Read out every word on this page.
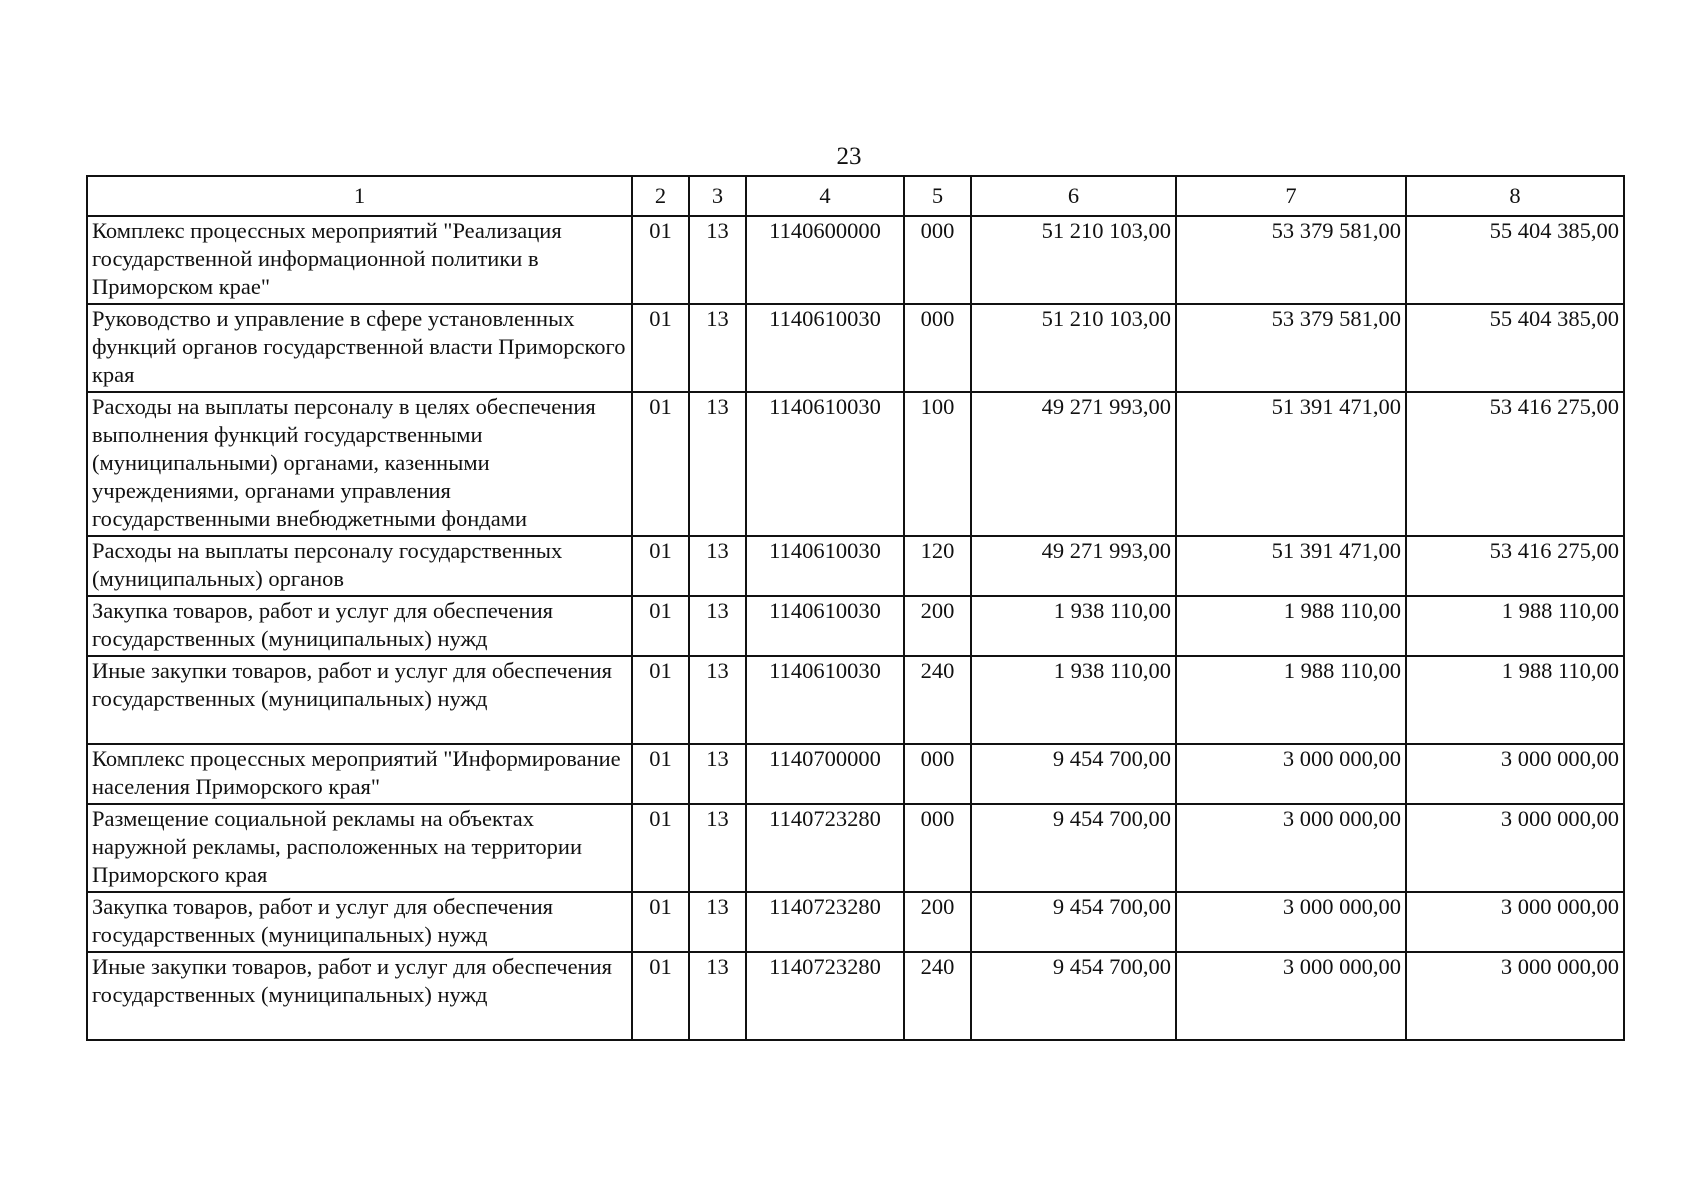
23
1	2	3	4	5	6	7	8
Комплекс процессных мероприятий "Реализация государственной информационной политики в Приморском крае"	01	13	1140600000	000	51 210 103,00	53 379 581,00	55 404 385,00
Руководство и управление в сфере установленных функций органов государственной власти Приморского края	01	13	1140610030	000	51 210 103,00	53 379 581,00	55 404 385,00
Расходы на выплаты персоналу в целях обеспечения выполнения функций государственными (муниципальными) органами, казенными учреждениями, органами управления государственными внебюджетными фондами	01	13	1140610030	100	49 271 993,00	51 391 471,00	53 416 275,00
Расходы на выплаты персоналу государственных (муниципальных) органов	01	13	1140610030	120	49 271 993,00	51 391 471,00	53 416 275,00
Закупка товаров, работ и услуг для обеспечения государственных (муниципальных) нужд	01	13	1140610030	200	1 938 110,00	1 988 110,00	1 988 110,00
Иные закупки товаров, работ и услуг для обеспечения государственных (муниципальных) нужд	01	13	1140610030	240	1 938 110,00	1 988 110,00	1 988 110,00
Комплекс процессных мероприятий "Информирование населения Приморского края"	01	13	1140700000	000	9 454 700,00	3 000 000,00	3 000 000,00
Размещение социальной рекламы на объектах наружной рекламы, расположенных на территории Приморского края	01	13	1140723280	000	9 454 700,00	3 000 000,00	3 000 000,00
Закупка товаров, работ и услуг для обеспечения государственных (муниципальных) нужд	01	13	1140723280	200	9 454 700,00	3 000 000,00	3 000 000,00
Иные закупки товаров, работ и услуг для обеспечения государственных (муниципальных) нужд	01	13	1140723280	240	9 454 700,00	3 000 000,00	3 000 000,00
